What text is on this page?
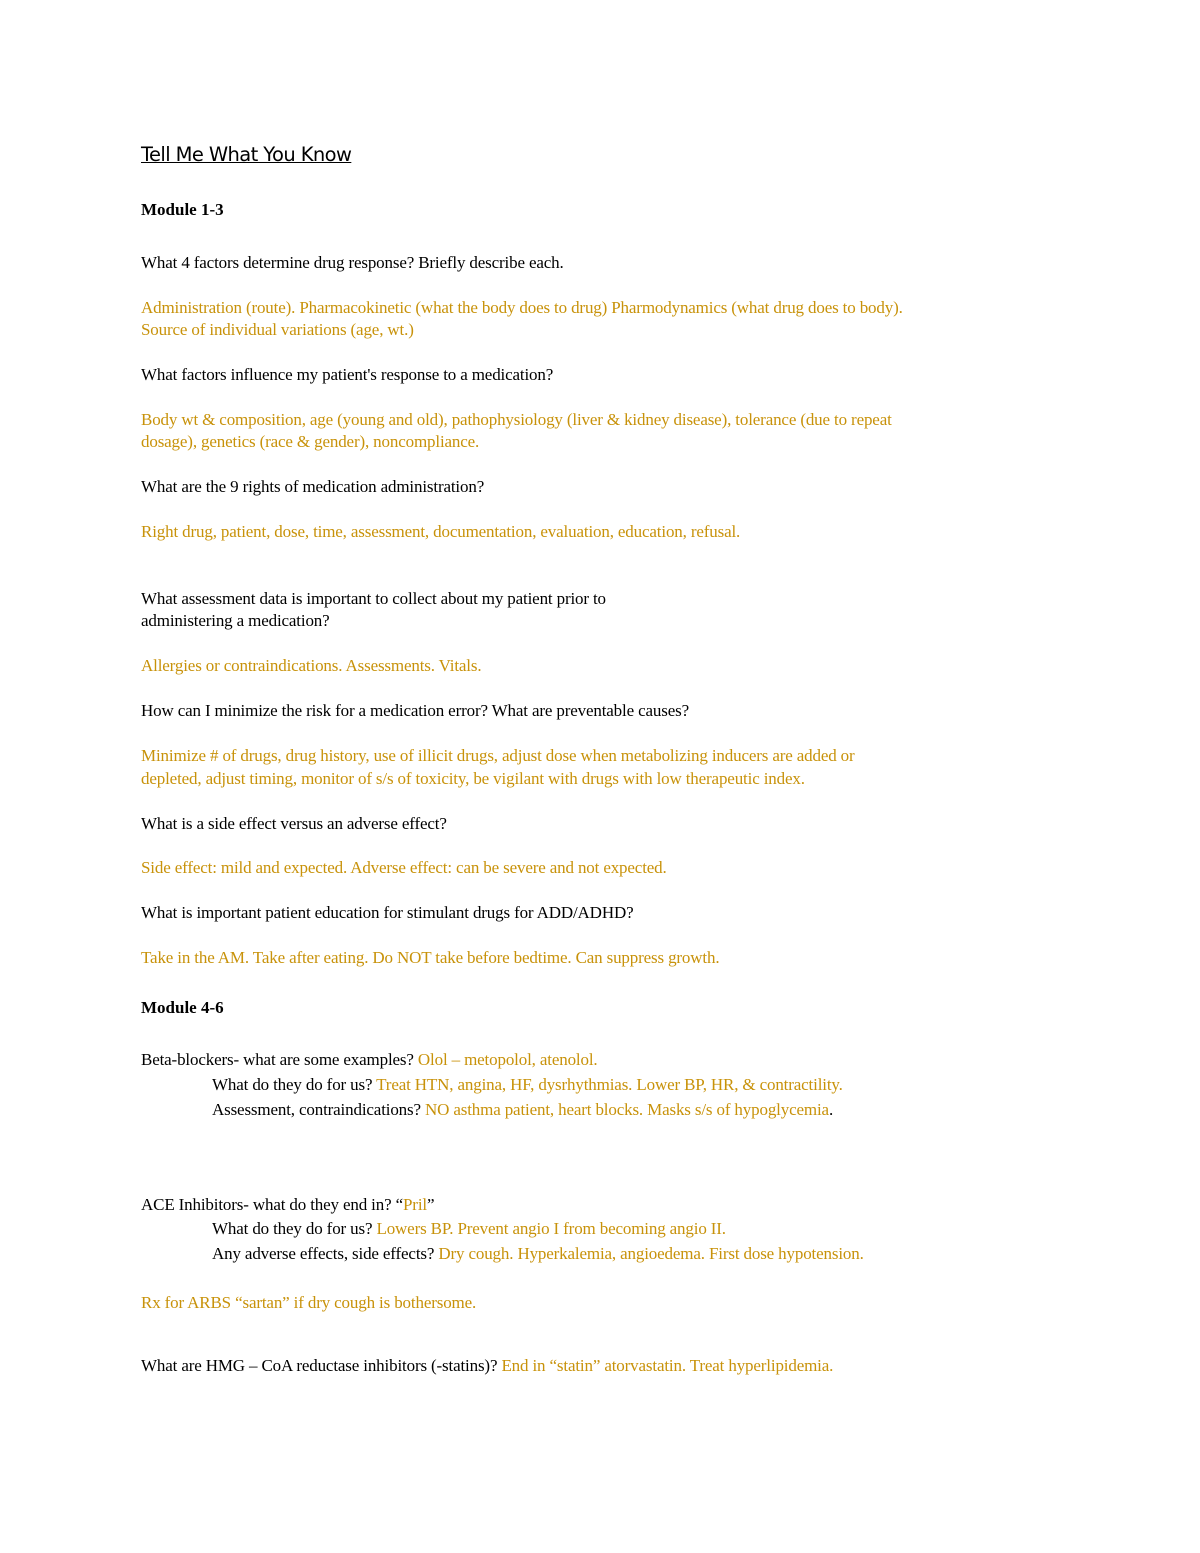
Tell Me What You Know
Module 1-3
What 4 factors determine drug response? Briefly describe each.
Administration (route). Pharmacokinetic (what the body does to drug) Pharmodynamics (what drug does to body).
Source of individual variations (age, wt.)
What factors influence my patient's response to a medication?
Body wt & composition, age (young and old), pathophysiology (liver & kidney disease), tolerance (due to repeat
dosage), genetics (race & gender), noncompliance.
What are the 9 rights of medication administration?
Right drug, patient, dose, time, assessment, documentation, evaluation, education, refusal.
What assessment data is important to collect about my patient prior to
administering a medication?
Allergies or contraindications. Assessments. Vitals.
How can I minimize the risk for a medication error? What are preventable causes?
Minimize # of drugs, drug history, use of illicit drugs, adjust dose when metabolizing inducers are added or
depleted, adjust timing, monitor of s/s of toxicity, be vigilant with drugs with low therapeutic index.
What is a side effect versus an adverse effect?
Side effect: mild and expected. Adverse effect: can be severe and not expected.
What is important patient education for stimulant drugs for ADD/ADHD?
Take in the AM. Take after eating. Do NOT take before bedtime. Can suppress growth.
Module 4-6
Beta-blockers- what are some examples? Olol – metopolol, atenolol.
What do they do for us? Treat HTN, angina, HF, dysrhythmias. Lower BP, HR, & contractility.
Assessment, contraindications? NO asthma patient, heart blocks. Masks s/s of hypoglycemia.
ACE Inhibitors- what do they end in? “Pril”
What do they do for us? Lowers BP. Prevent angio I from becoming angio II.
Any adverse effects, side effects? Dry cough. Hyperkalemia, angioedema. First dose hypotension.
Rx for ARBS “sartan” if dry cough is bothersome.
What are HMG – CoA reductase inhibitors (-statins)? End in “statin” atorvastatin. Treat hyperlipidemia.
